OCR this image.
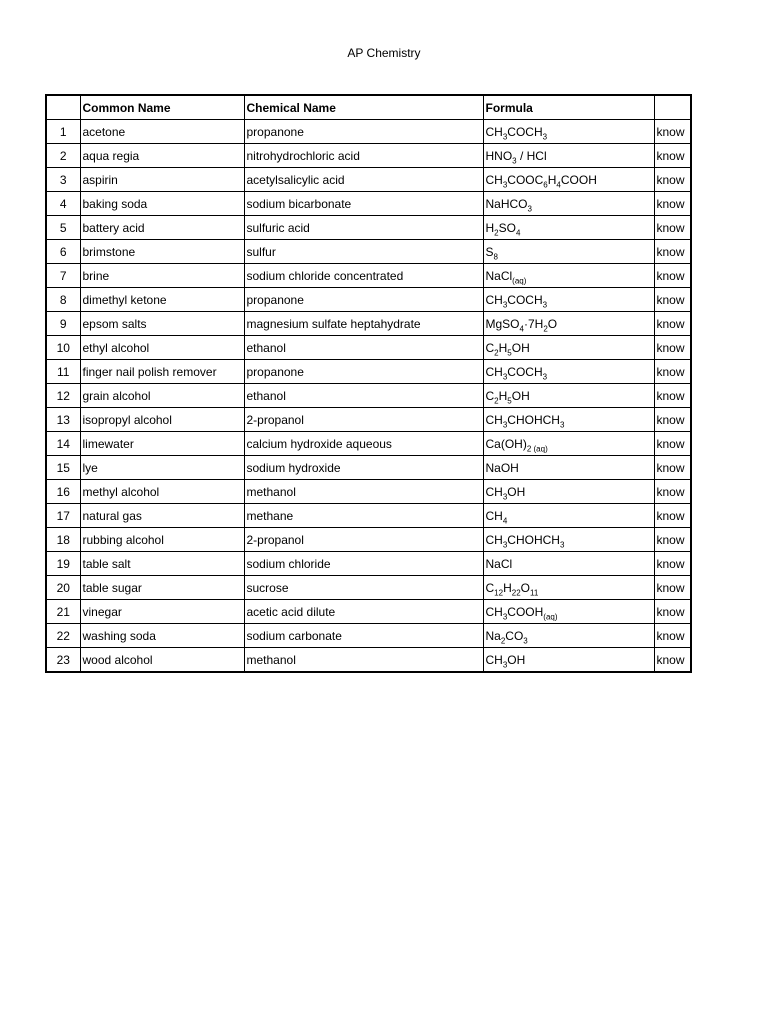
AP Chemistry
	Common Name	Chemical Name	Formula	
1	acetone	propanone	$CH_3COCH_3$	know
2	aqua regia	nitrohydrochloric acid	$HNO_3$ / HCl	know
3	aspirin	acetylsalicylic acid	$CH_3COOC_6H_4COOH$	know
4	baking soda	sodium bicarbonate	NaHCO$_3$	know
5	battery acid	sulfuric acid	$H_2SO_4$	know
6	brimstone	sulfur	$S_8$	know
7	brine	sodium chloride concentrated	NaCl$_{(aq)}$	know
8	dimethyl ketone	propanone	$CH_3COCH_3$	know
9	epsom salts	magnesium sulfate heptahydrate	$MgSO_4\cdot 7H_2O$	know
10	ethyl alcohol	ethanol	$C_2H_5OH$	know
11	finger nail polish remover	propanone	$CH_3COCH_3$	know
12	grain alcohol	ethanol	$C_2H_5OH$	know
13	isopropyl alcohol	2-propanol	$CH_3CHOHCH_3$	know
14	limewater	calcium hydroxide aqueous	$Ca(OH)_{2 (aq)}$	know
15	lye	sodium hydroxide	NaOH	know
16	methyl alcohol	methanol	$CH_3OH$	know
17	natural gas	methane	$CH_4$	know
18	rubbing alcohol	2-propanol	$CH_3CHOHCH_3$	know
19	table salt	sodium chloride	NaCl	know
20	table sugar	sucrose	$C_{12}H_{22}O_{11}$	know
21	vinegar	acetic acid dilute	$CH_3COOH_{(aq)}$	know
22	washing soda	sodium carbonate	$Na_2CO_3$	know
23	wood alcohol	methanol	$CH_3OH$	know
